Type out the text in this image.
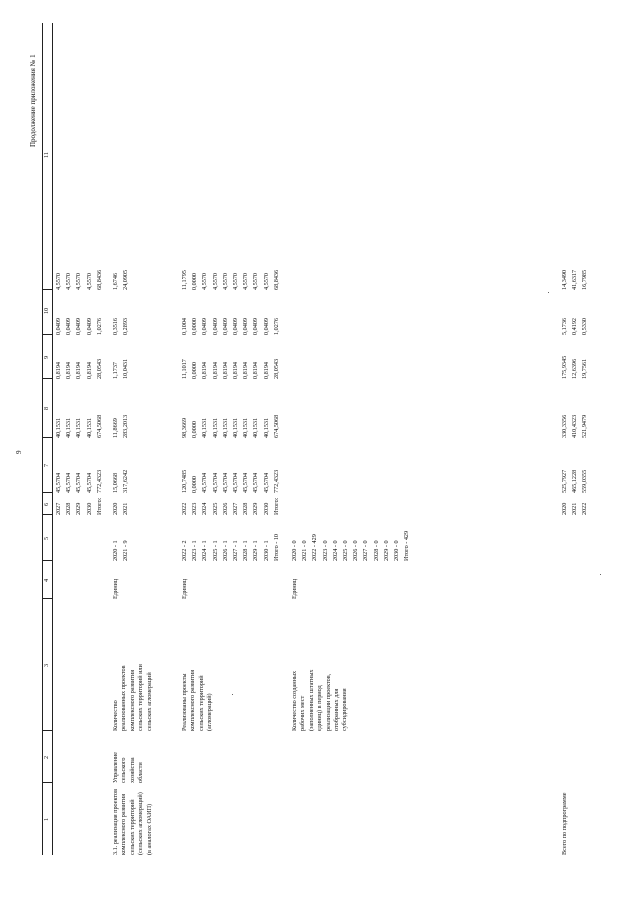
9
Продолжение приложения № 1
1
2
3
4
5
6
7
8
9
10
11
2027
45,5704
40,1531
0,8194
0,0409
4,5570
2028
45,5704
40,1531
0,8194
0,0409
4,5570
2029
45,5704
40,1531
0,8194
0,0409
4,5570
2030
45,5704
40,1531
0,8194
0,0409
4,5570
Итого:
772,4323
674,5068
28,0543
1,0276
68,8436
3.1. реализация проектов комплексного развития сельских территорий (сельских агломераций) (в аналогах ОАИП)
Управление сельского хозяйства области
Количество реализованных проектов комплексного развития сельских территорий или сельских агломераций
Единиц
2020 - 1 2021 - 9
2020
15,0668
11,8669
1,1737
0,3516
1,6746
2021
317,6242
283,2013
10,0431
0,2893
24,0905
Реализованы проекты комплексного развития сельских территорий (агломераций)
Единиц
2022 - 2 2023 - 1 2024 - 1 2025 - 1 2026 - 1 2027 - 1 2028 - 1 2029 - 1 2030 - 1 Итого - 10
2022
120,7485
98,3669
11,1017
0,1004
11,1795
2023
0,0000
0,0000
0,0000
0,0000
0,0000
2024
45,5704
40,1531
0,8194
0,0409
4,5570
2025
45,5704
40,1531
0,8194
0,0409
4,5570
2026
45,5704
40,1531
0,8194
0,0409
4,5570
2027
45,5704
40,1531
0,8194
0,0409
4,5570
2028
45,5704
40,1531
0,8194
0,0409
4,5570
2029
45,5704
40,1531
0,8194
0,0409
4,5570
2030
45,5704
40,1531
0,8194
0,0409
4,5570
Итого:
772,4323
674,5068
28,0543
1,0276
68,8436
Количество созданных рабочих мест (заполненных штатных единиц) в период реализации проектов, отобранных для субсидирования
Единиц
2020 - 0 2021 - 0 2022 - 429 2023 - 0 2024 - 0 2025 - 0 2026 - 0 2027 - 0 2028 - 0 2029 - 0 2030 - 0 Итого - 429
Всего по подпрограмме
2020
525,7927
330,3356
175,9345
5,1736
14,3490
2021
465,1228
410,4323
12,6396
0,4192
41,6317
2022
559,0355
521,9479
19,7561
0,5330
16,7985
